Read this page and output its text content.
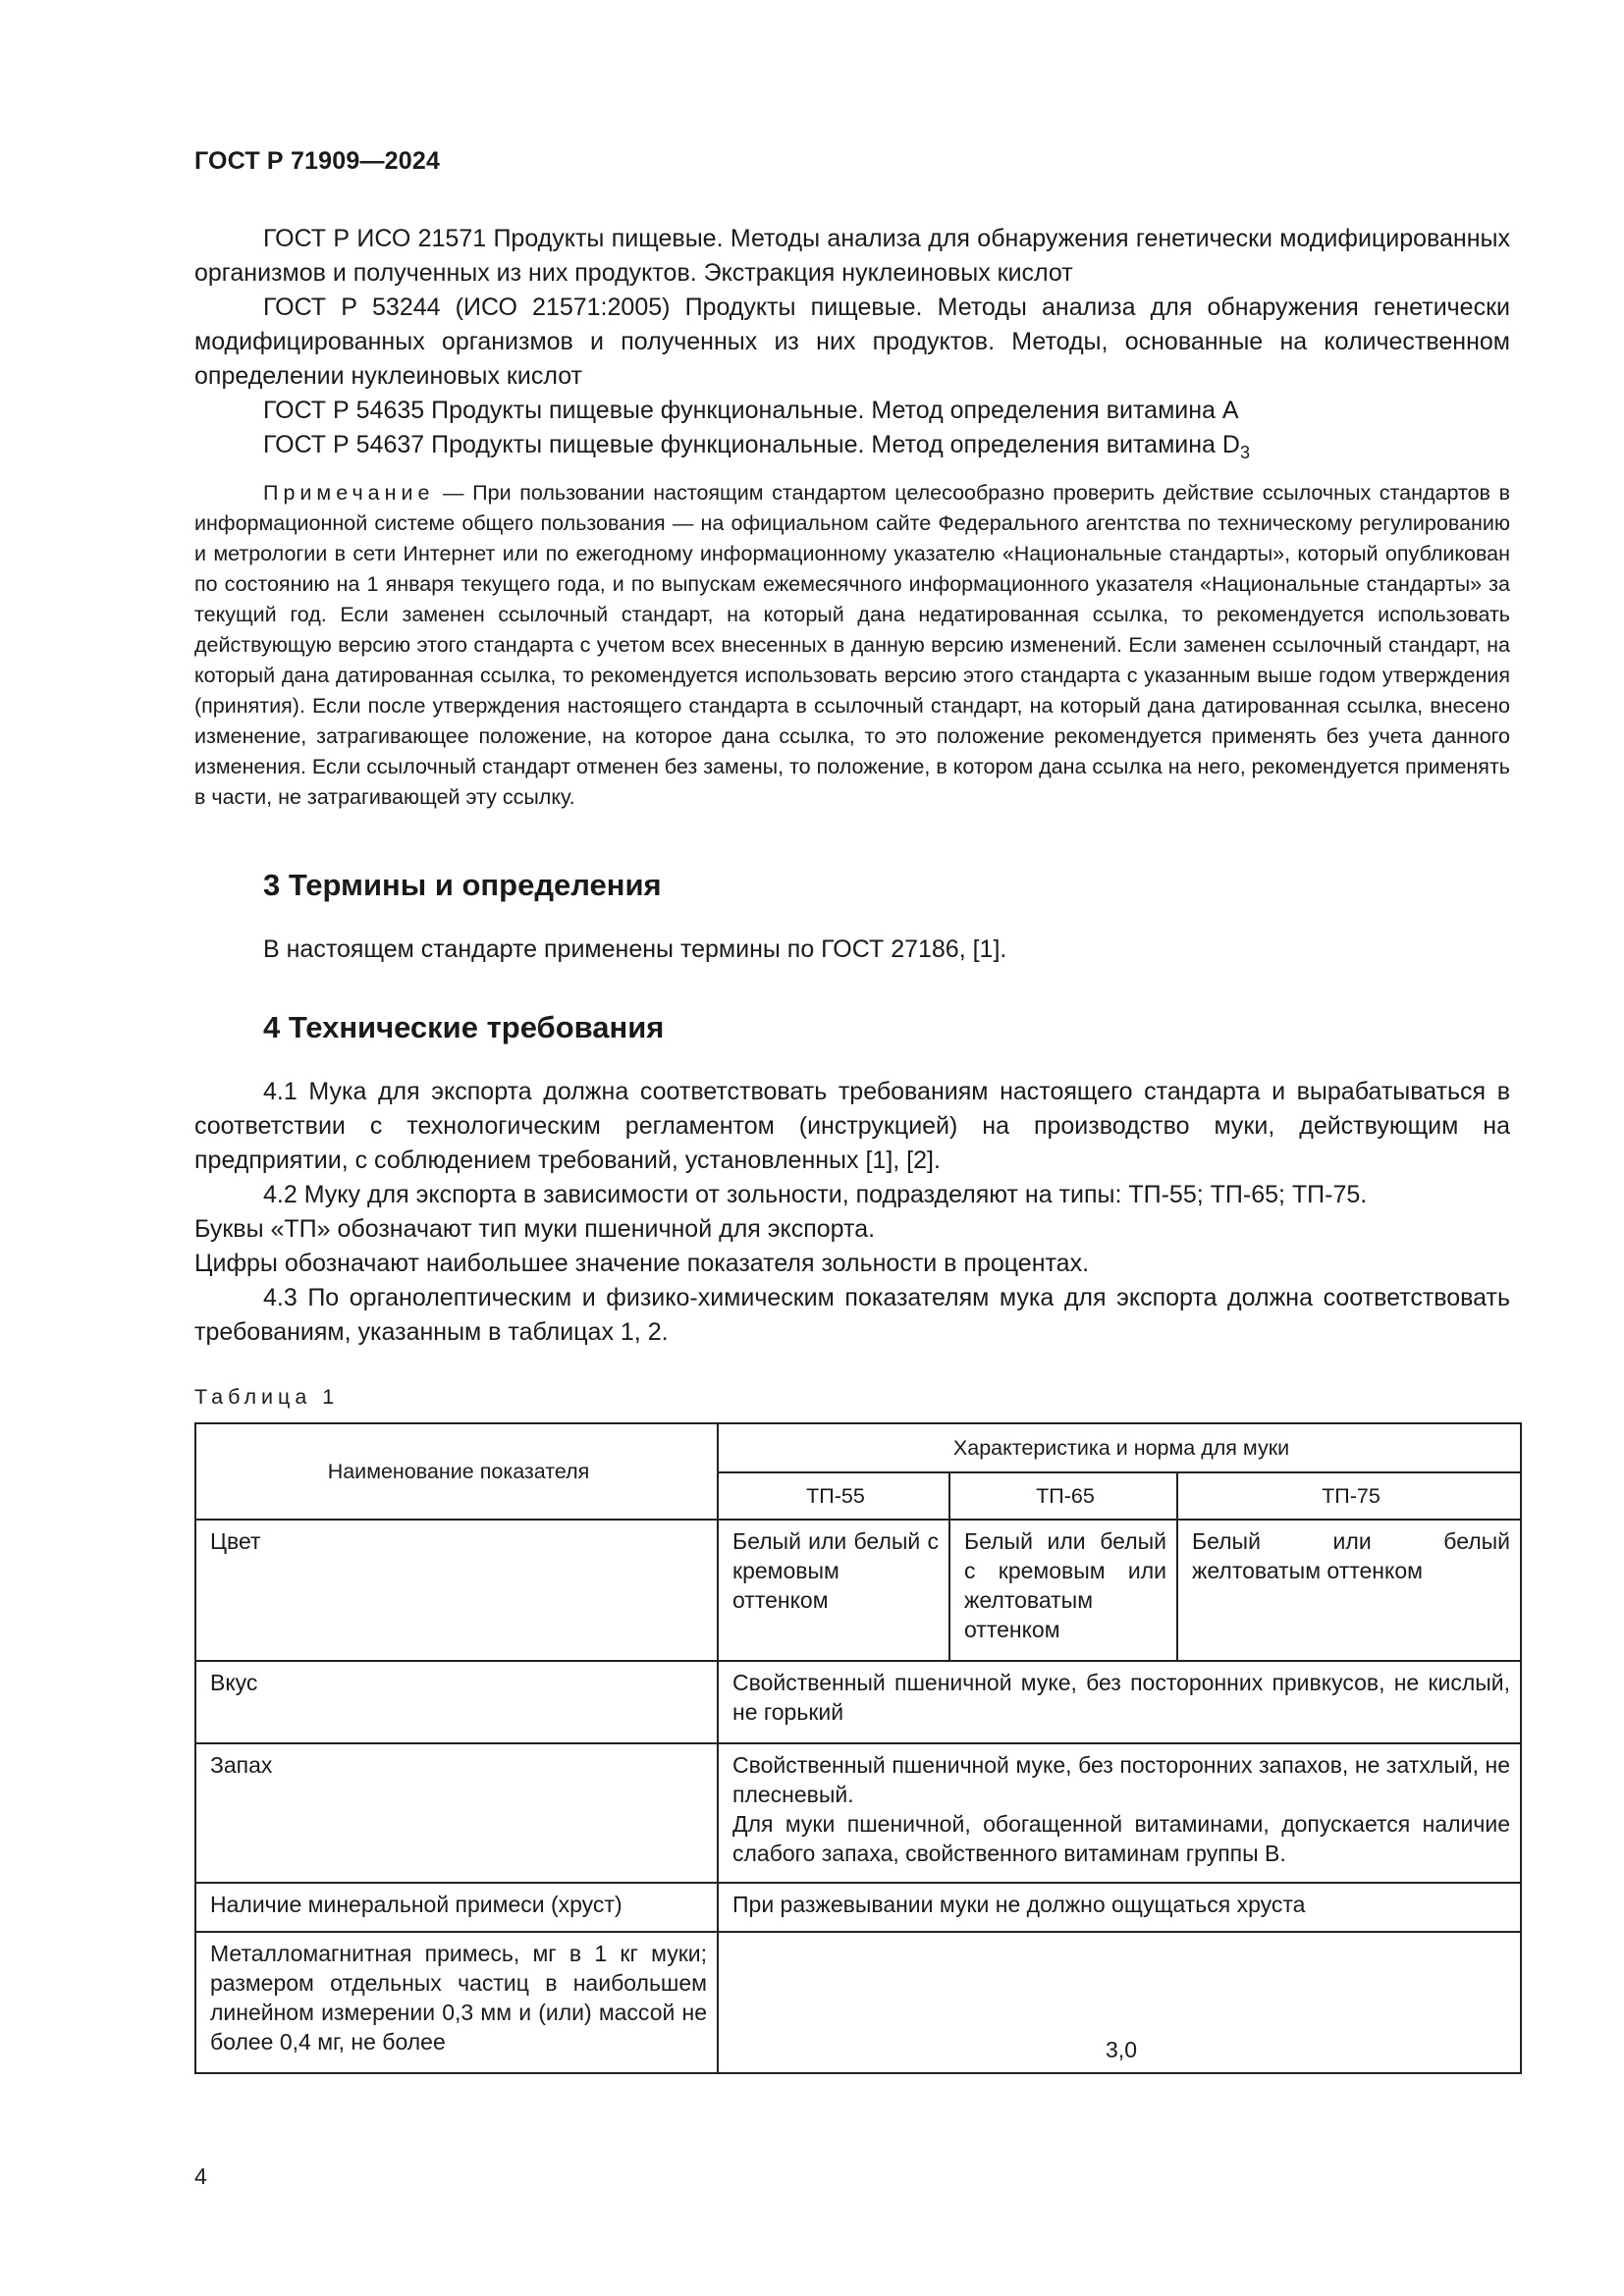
ГОСТ Р 71909—2024

ГОСТ Р ИСО 21571 Продукты пищевые. Методы анализа для обнаружения генетически модифицированных организмов и полученных из них продуктов. Экстракция нуклеиновых кислот

ГОСТ Р 53244 (ИСО 21571:2005) Продукты пищевые. Методы анализа для обнаружения генетически модифицированных организмов и полученных из них продуктов. Методы, основанные на количественном определении нуклеиновых кислот

ГОСТ Р 54635 Продукты пищевые функциональные. Метод определения витамина А

ГОСТ Р 54637 Продукты пищевые функциональные. Метод определения витамина $D_3$

Примечание — При пользовании настоящим стандартом целесообразно проверить действие ссылочных стандартов в информационной системе общего пользования — на официальном сайте Федерального агентства по техническому регулированию и метрологии в сети Интернет или по ежегодному информационному указателю «Национальные стандарты», который опубликован по состоянию на 1 января текущего года, и по выпускам ежемесячного информационного указателя «Национальные стандарты» за текущий год. Если заменен ссылочный стандарт, на который дана недатированная ссылка, то рекомендуется использовать действующую версию этого стандарта с учетом всех внесенных в данную версию изменений. Если заменен ссылочный стандарт, на который дана датированная ссылка, то рекомендуется использовать версию этого стандарта с указанным выше годом утверждения (принятия). Если после утверждения настоящего стандарта в ссылочный стандарт, на который дана датированная ссылка, внесено изменение, затрагивающее положение, на которое дана ссылка, то это положение рекомендуется применять без учета данного изменения. Если ссылочный стандарт отменен без замены, то положение, в котором дана ссылка на него, рекомендуется применять в части, не затрагивающей эту ссылку.

3 Термины и определения

В настоящем стандарте применены термины по ГОСТ 27186, [1].

4 Технические требования

4.1 Мука для экспорта должна соответствовать требованиям настоящего стандарта и вырабатываться в соответствии с технологическим регламентом (инструкцией) на производство муки, действующим на предприятии, с соблюдением требований, установленных [1], [2].

4.2 Муку для экспорта в зависимости от зольности, подразделяют на типы: ТП-55; ТП-65; ТП-75.

Буквы «ТП» обозначают тип муки пшеничной для экспорта.

Цифры обозначают наибольшее значение показателя зольности в процентах.

4.3 По органолептическим и физико-химическим показателям мука для экспорта должна соответствовать требованиям, указанным в таблицах 1, 2.

Таблица 1
Наименование показателя	Характеристика и норма для муки		
	ТП-55	ТП-65	ТП-75
Цвет	Белый или белый с кремовым оттенком	Белый или белый с кремовым или желтоватым оттенком	Белый или белый желтоватым оттенком
Вкус	Свойственный пшеничной муке, без посторонних привкусов, не кислый, не горький		
Запах	Свойственный пшеничной муке, без посторонних запахов, не затхлый, не плесневый.
Для муки пшеничной, обогащенной витаминами, допускается наличие слабого запаха, свойственного витаминам группы В.		

Наличие минеральной примеси (хруст)	При разжевывании муки не должно ощущаться хруста		
Металломагнитная примесь, мг в 1 кг муки; размером отдельных частиц в наибольшем линейном измерении 0,3 мм и (или) массой не более 0,4 мг, не более	3,0		
4
